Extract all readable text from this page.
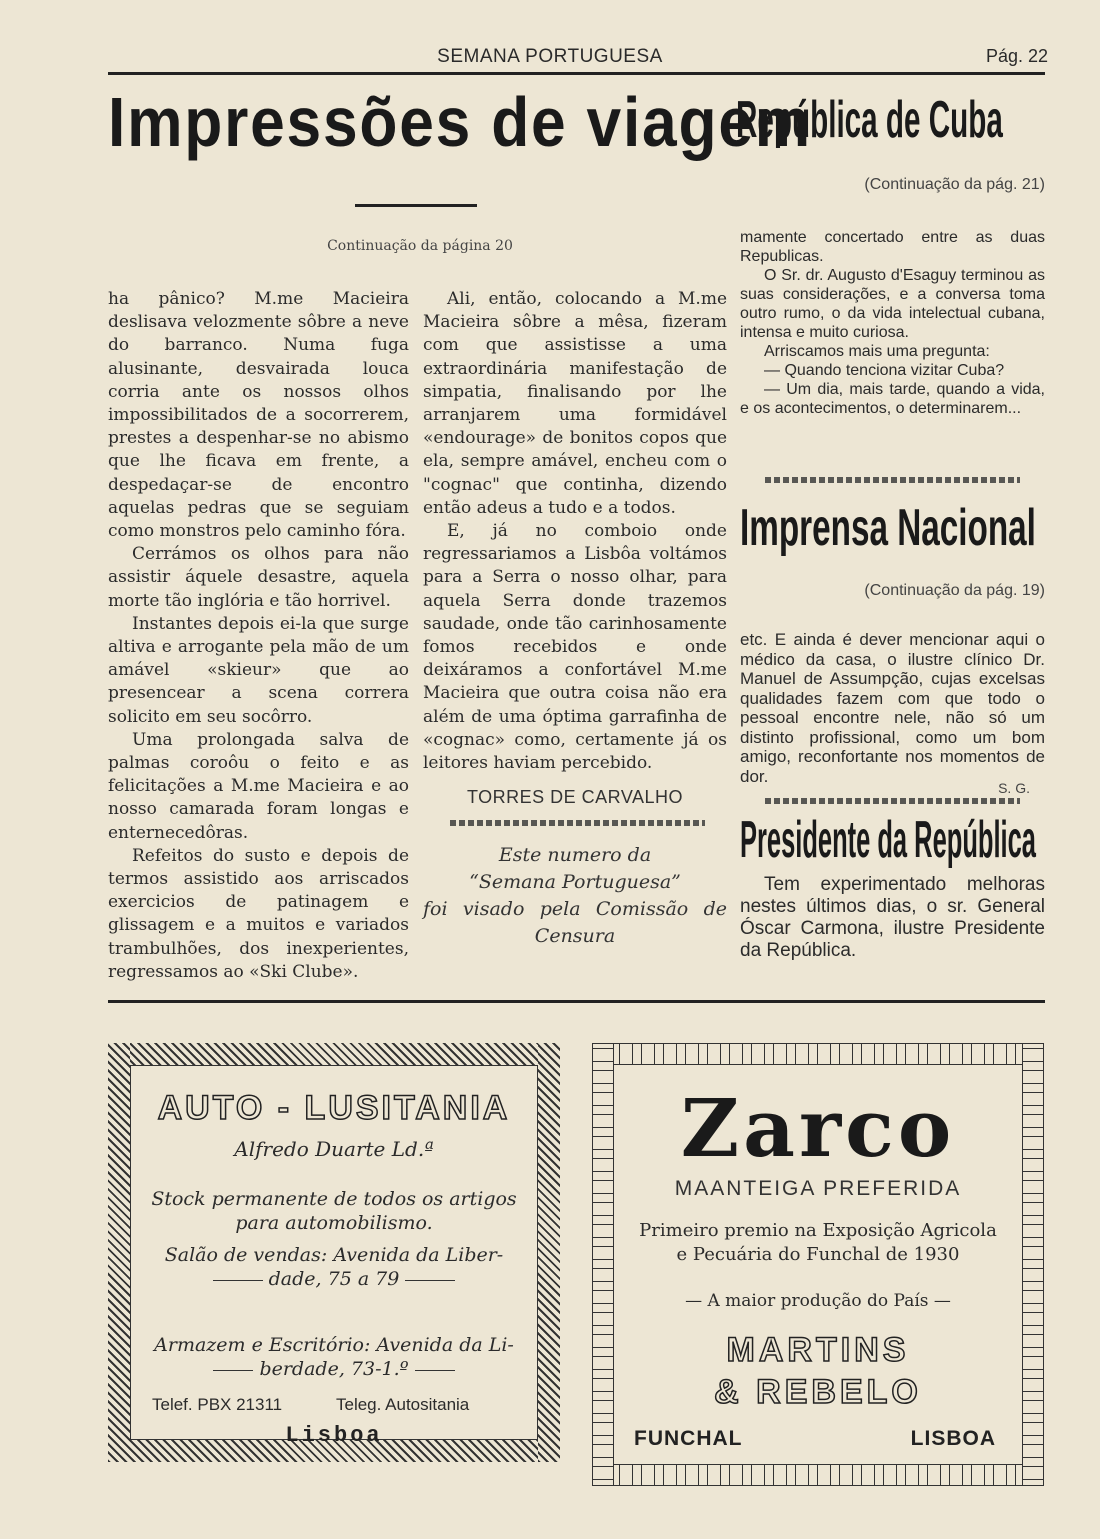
SEMANA PORTUGUESA	Pág. 22
Impressões de viagem
República de Cuba
(Continuação da pág. 21)
Continuação da página 20

ha pânico? M.me Macieira deslisava velozmente sôbre a neve do barranco. Numa fuga alusinante, desvairada louca corria ante os nossos olhos impossibilitados de a socorrerem, prestes a despenhar-se no abismo que lhe ficava em frente, a despedaçar-se de encontro aquelas pedras que se seguiam como monstros pelo caminho fóra.

Cerrámos os olhos para não assistir áquele desastre, aquela morte tão inglória e tão horrivel.

Instantes depois ei-la que surge altiva e arrogante pela mão de um amável «skieur» que ao presencear a scena correra solicito em seu socôrro.

Uma prolongada salva de palmas coroôu o feito e as felicitações a M.me Macieira e ao nosso camarada foram longas e enternecedôras.

Refeitos do susto e depois de termos assistido aos arriscados exercicios de patinagem e glissagem e a muitos e variados trambulhões, dos inexperientes, regressamos ao «Ski Clube».

Ali, então, colocando a M.me Macieira sôbre a mêsa, fizeram com que assistisse a uma extraordinária manifestação de simpatia, finalisando por lhe arranjarem uma formidável «endourage» de bonitos copos que ela, sempre amável, encheu com o "cognac" que continha, dizendo então adeus a tudo e a todos.

E, já no comboio onde regressariamos a Lisbôa voltámos para a Serra o nosso olhar, para aquela Serra donde trazemos saudade, onde tão carinhosamente fomos recebidos e onde deixáramos a confortável M.me Macieira que outra coisa não era além de uma óptima garrafinha de «cognac» como, certamente já os leitores haviam percebido.

TORRES DE CARVALHO
Este numero da
“Semana Portuguesa”
foi visado pela Comissão de
Censura

mamente concertado entre as duas Republicas.

O Sr. dr. Augusto d'Esaguy terminou as suas considerações, e a conversa toma outro rumo, o da vida intelectual cubana, intensa e muito curiosa.

Arriscamos mais uma pregunta:

— Quando tenciona vizitar Cuba?

— Um dia, mais tarde, quando a vida, e os acontecimentos, o determinarem...

Imprensa Nacional
(Continuação da pág. 19)

etc. E ainda é dever mencionar aqui o médico da casa, o ilustre clínico Dr. Manuel de Assumpção, cujas excelsas qualidades fazem com que todo o pessoal encontre nele, não só um distinto profissional, como um bom amigo, reconfortante nos momentos de dor.

S. G.
Presidente da República

Tem experimentado melhoras nestes últimos dias, o sr. General Óscar Carmona, ilustre Presidente da República.

AUTO - LUSITANIA
Alfredo Duarte Ld.ª
Stock permanente de todos os artigos
para automobilismo.
Salão de vendas: Avenida da Liber-
dade, 75 a 79
Armazem e Escritório: Avenida da Li-
berdade, 73-1.º
Telef. PBX 21311	Teleg. Autositania
Lisboa
Zarco
MAANTEIGA PREFERIDA
Primeiro premio na Exposição Agricola
e Pecuária do Funchal de 1930
— A maior produção do País —
MARTINS
& REBELO
FUNCHAL	LISBOA
